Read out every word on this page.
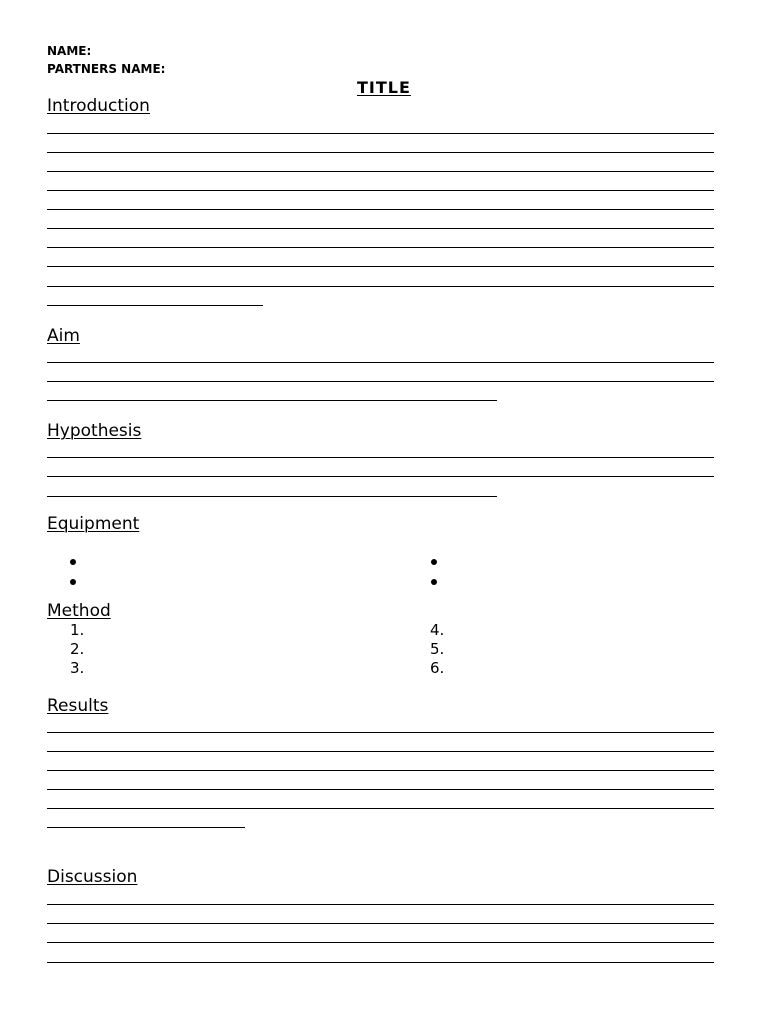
NAME:
PARTNERS NAME:
TITLE
Introduction
Aim
Hypothesis
Equipment
Method
1.
2.
3.
4.
5.
6.
Results
Discussion
